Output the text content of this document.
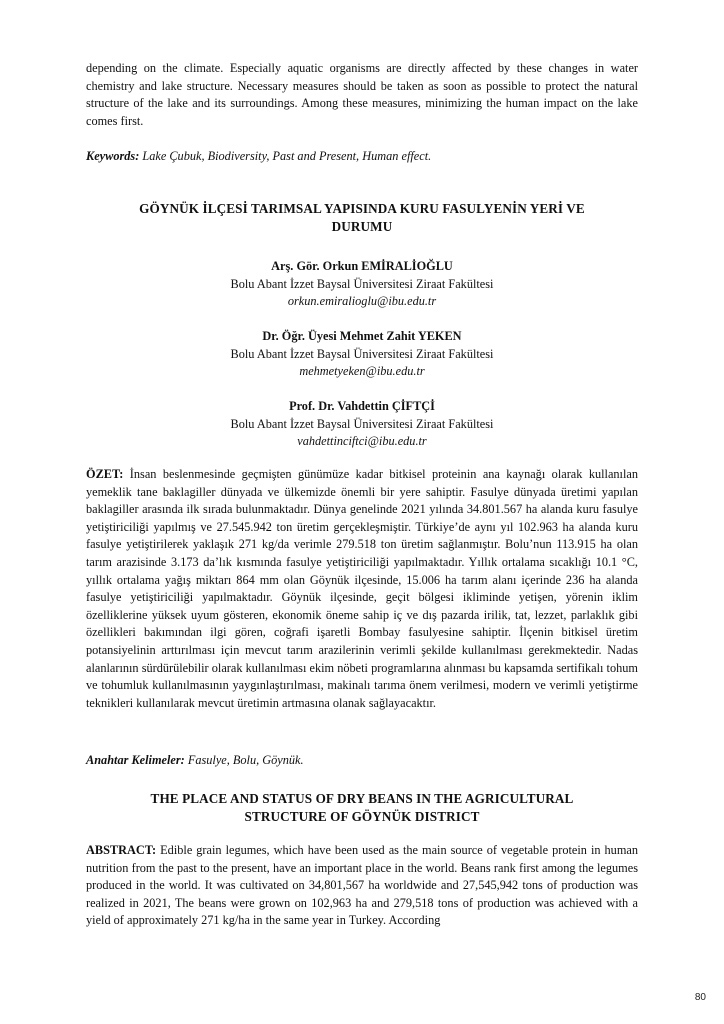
depending on the climate. Especially aquatic organisms are directly affected by these changes in water chemistry and lake structure. Necessary measures should be taken as soon as possible to protect the natural structure of the lake and its surroundings. Among these measures, minimizing the human impact on the lake comes first.

Keywords: Lake Çubuk, Biodiversity, Past and Present, Human effect.

GÖYNÜK İLÇESİ TARIMSAL YAPISINDA KURU FASULYENİN YERİ VE DURUMU

Arş. Gör. Orkun EMİRALİOĞLU
Bolu Abant İzzet Baysal Üniversitesi Ziraat Fakültesi
orkun.emiralioglu@ibu.edu.tr

Dr. Öğr. Üyesi Mehmet Zahit YEKEN
Bolu Abant İzzet Baysal Üniversitesi Ziraat Fakültesi
mehmetyeken@ibu.edu.tr

Prof. Dr. Vahdettin ÇİFTÇİ
Bolu Abant İzzet Baysal Üniversitesi Ziraat Fakültesi
vahdettinciftci@ibu.edu.tr

ÖZET: İnsan beslenmesinde geçmişten günümüze kadar bitkisel proteinin ana kaynağı olarak kullanılan yemeklik tane baklagiller dünyada ve ülkemizde önemli bir yere sahiptir. Fasulye dünyada üretimi yapılan baklagiller arasında ilk sırada bulunmaktadır. Dünya genelinde 2021 yılında 34.801.567 ha alanda kuru fasulye yetiştiriciliği yapılmış ve 27.545.942 ton üretim gerçekleşmiştir. Türkiye’de aynı yıl 102.963 ha alanda kuru fasulye yetiştirilerek yaklaşık 271 kg/da verimle 279.518 ton üretim sağlanmıştır. Bolu’nun 113.915 ha olan tarım arazisinde 3.173 da’lık kısmında fasulye yetiştiriciliği yapılmaktadır. Yıllık ortalama sıcaklığı 10.1 °C, yıllık ortalama yağış miktarı 864 mm olan Göynük ilçesinde, 15.006 ha tarım alanı içerinde 236 ha alanda fasulye yetiştiriciliği yapılmaktadır. Göynük ilçesinde, geçit bölgesi ikliminde yetişen, yörenin iklim özelliklerine yüksek uyum gösteren, ekonomik öneme sahip iç ve dış pazarda irilik, tat, lezzet, parlaklık gibi özellikleri bakımından ilgi gören, coğrafi işaretli Bombay fasulyesine sahiptir. İlçenin bitkisel üretim potansiyelinin arttırılması için mevcut tarım arazilerinin verimli şekilde kullanılması gerekmektedir. Nadas alanlarının sürdürülebilir olarak kullanılması ekim nöbeti programlarına alınması bu kapsamda sertifikalı tohum ve tohumluk kullanılmasının yaygınlaştırılması, makinalı tarıma önem verilmesi, modern ve verimli yetiştirme teknikleri kullanılarak mevcut üretimin artmasına olanak sağlayacaktır.

Anahtar Kelimeler: Fasulye, Bolu, Göynük.

THE PLACE AND STATUS OF DRY BEANS IN THE AGRICULTURAL STRUCTURE OF GÖYNÜK DISTRICT

ABSTRACT: Edible grain legumes, which have been used as the main source of vegetable protein in human nutrition from the past to the present, have an important place in the world. Beans rank first among the legumes produced in the world. It was cultivated on 34,801,567 ha worldwide and 27,545,942 tons of production was realized in 2021, The beans were grown on 102,963 ha and 279,518 tons of production was achieved with a yield of approximately 271 kg/ha in the same year in Turkey. According

80
